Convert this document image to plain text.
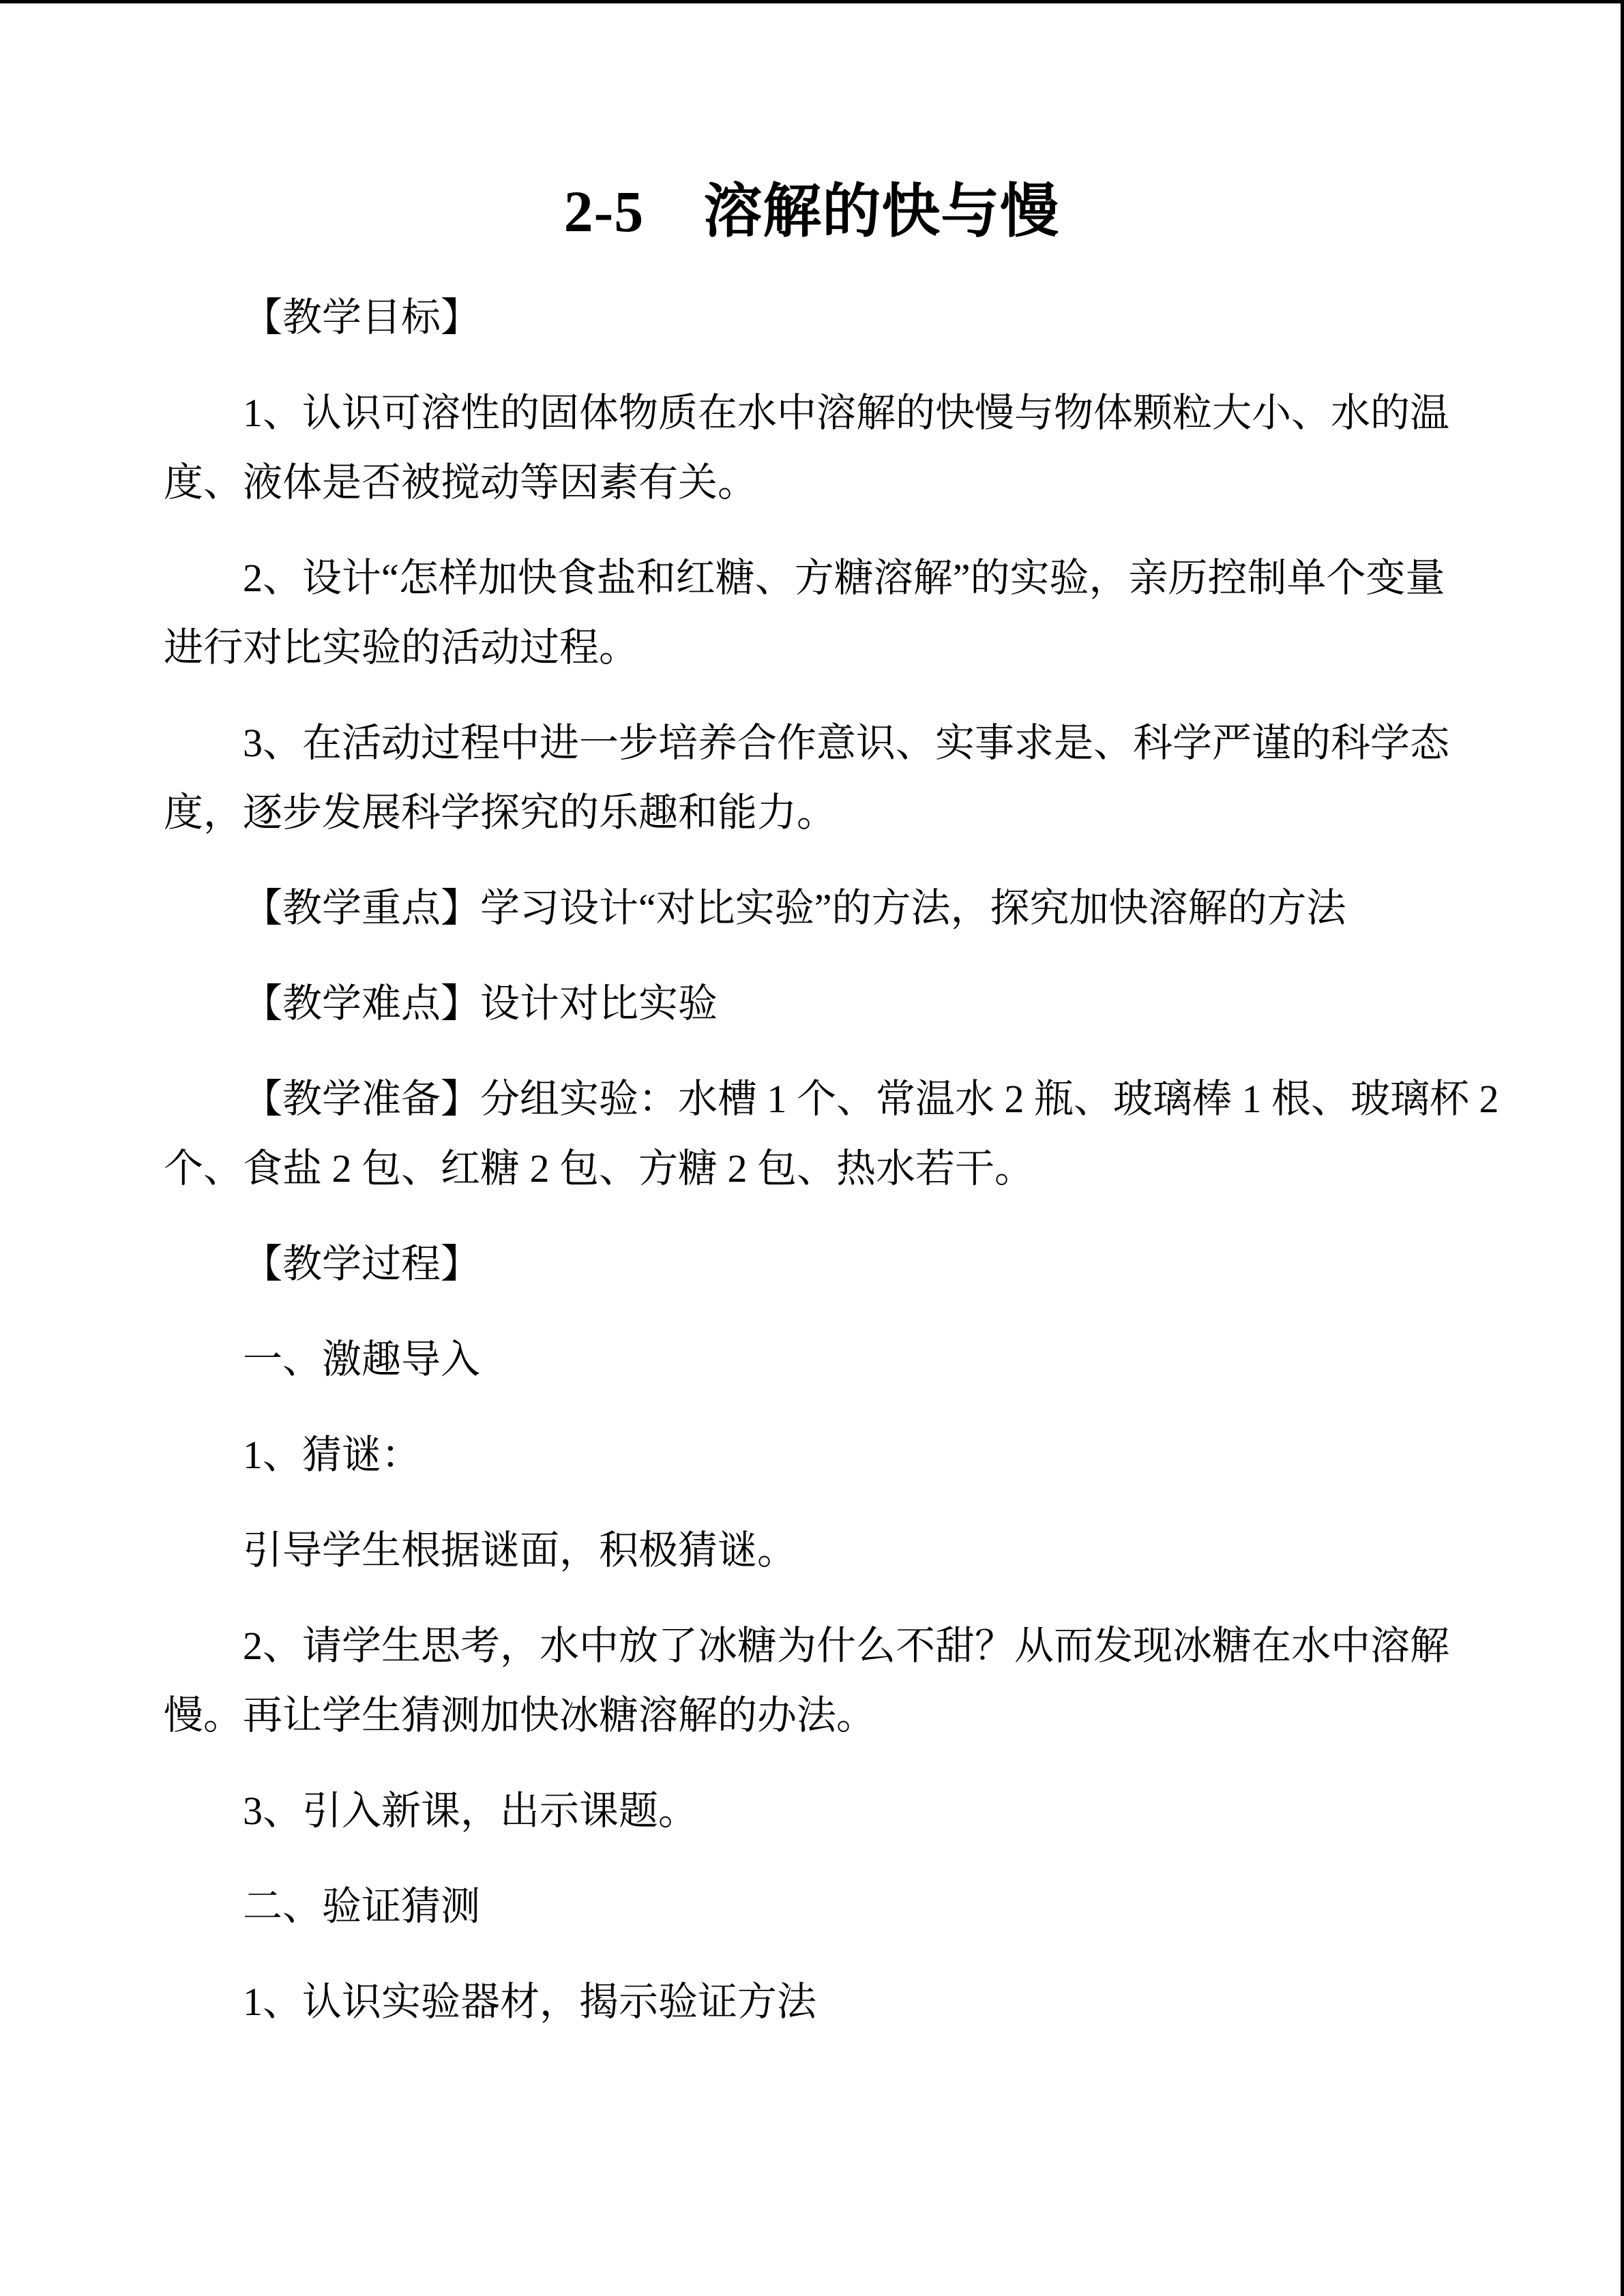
2-5　溶解的快与慢
【教学目标】
1、认识可溶性的固体物质在水中溶解的快慢与物体颗粒大小、水的温
度、液体是否被搅动等因素有关。
2、设计“怎样加快食盐和红糖、方糖溶解”的实验，亲历控制单个变量
进行对比实验的活动过程。
3、在活动过程中进一步培养合作意识、实事求是、科学严谨的科学态
度，逐步发展科学探究的乐趣和能力。
【教学重点】学习设计“对比实验”的方法，探究加快溶解的方法
【教学难点】设计对比实验
【教学准备】分组实验：水槽 1 个、常温水 2 瓶、玻璃棒 1 根、玻璃杯 2
个、食盐 2 包、红糖 2 包、方糖 2 包、热水若干。
【教学过程】
一、激趣导入
1、猜谜：
引导学生根据谜面，积极猜谜。
2、请学生思考，水中放了冰糖为什么不甜？从而发现冰糖在水中溶解
慢。再让学生猜测加快冰糖溶解的办法。
3、引入新课，出示课题。
二、验证猜测
1、认识实验器材，揭示验证方法
